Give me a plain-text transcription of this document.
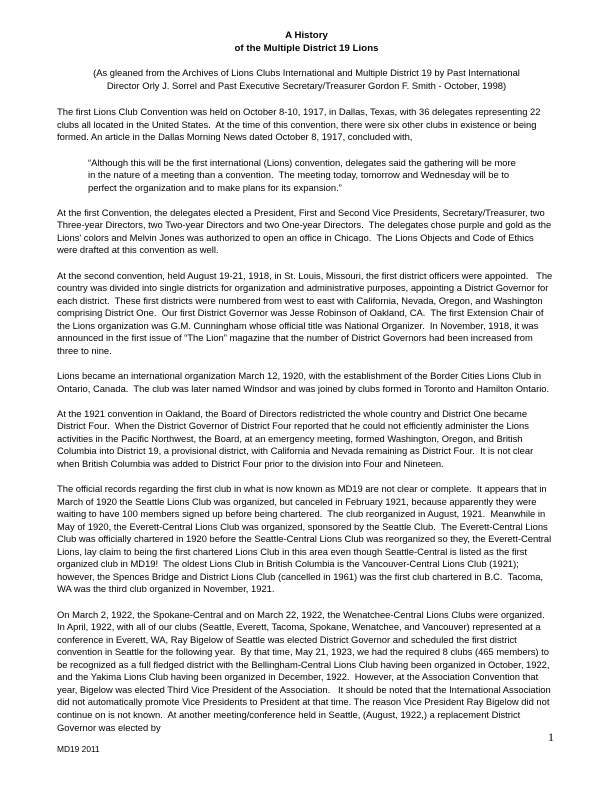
A History
of the Multiple District 19 Lions
(As gleaned from the Archives of Lions Clubs International and Multiple District 19 by Past International
Director Orly J. Sorrel and Past Executive Secretary/Treasurer Gordon F. Smith - October, 1998)

The first Lions Club Convention was held on October 8-10, 1917, in Dallas, Texas, with 36 delegates representing 22 clubs all located in the United States.  At the time of this convention, there were six other clubs in existence or being formed. An article in the Dallas Morning News dated October 8, 1917, concluded with,

“Although this will be the first international (Lions) convention, delegates said the gathering will be more in the nature of a meeting than a convention.  The meeting today, tomorrow and Wednesday will be to perfect the organization and to make plans for its expansion.”

At the first Convention, the delegates elected a President, First and Second Vice Presidents, Secretary/Treasurer, two Three-year Directors, two Two-year Directors and two One-year Directors.  The delegates chose purple and gold as the Lions' colors and Melvin Jones was authorized to open an office in Chicago.  The Lions Objects and Code of Ethics were drafted at this convention as well.

At the second convention, held August 19-21, 1918, in St. Louis, Missouri, the first district officers were appointed.   The country was divided into single districts for organization and administrative purposes, appointing a District Governor for each district.  These first districts were numbered from west to east with California, Nevada, Oregon, and Washington comprising District One.  Our first District Governor was Jesse Robinson of Oakland, CA.  The first Extension Chair of the Lions organization was G.M. Cunningham whose official title was National Organizer.  In November, 1918, it was announced in the first issue of “The Lion” magazine that the number of District Governors had been increased from three to nine.

Lions became an international organization March 12, 1920, with the establishment of the Border Cities Lions Club in Ontario, Canada.  The club was later named Windsor and was joined by clubs formed in Toronto and Hamilton Ontario.

At the 1921 convention in Oakland, the Board of Directors redistricted the whole country and District One became District Four.  When the District Governor of District Four reported that he could not efficiently administer the Lions activities in the Pacific Northwest, the Board, at an emergency meeting, formed Washington, Oregon, and British Columbia into District 19, a provisional district, with California and Nevada remaining as District Four.  It is not clear when British Columbia was added to District Four prior to the division into Four and Nineteen.

The official records regarding the first club in what is now known as MD19 are not clear or complete.  It appears that in March of 1920 the Seattle Lions Club was organized, but canceled in February 1921, because apparently they were waiting to have 100 members signed up before being chartered.  The club reorganized in August, 1921.  Meanwhile in May of 1920, the Everett-Central Lions Club was organized, sponsored by the Seattle Club.  The Everett-Central Lions Club was officially chartered in 1920 before the Seattle-Central Lions Club was reorganized so they, the Everett-Central Lions, lay claim to being the first chartered Lions Club in this area even though Seattle-Central is listed as the first organized club in MD19!  The oldest Lions Club in British Columbia is the Vancouver-Central Lions Club (1921); however, the Spences Bridge and District Lions Club (cancelled in 1961) was the first club chartered in B.C.  Tacoma, WA was the third club organized in November, 1921.

On March 2, 1922, the Spokane-Central and on March 22, 1922, the Wenatchee-Central Lions Clubs were organized.  In April, 1922, with all of our clubs (Seattle, Everett, Tacoma, Spokane, Wenatchee, and Vancouver) represented at a conference in Everett, WA, Ray Bigelow of Seattle was elected District Governor and scheduled the first district convention in Seattle for the following year.  By that time, May 21, 1923, we had the required 8 clubs (465 members) to be recognized as a full fledged district with the Bellingham-Central Lions Club having been organized in October, 1922, and the Yakima Lions Club having been organized in December, 1922.  However, at the Association Convention that year, Bigelow was elected Third Vice President of the Association.   It should be noted that the International Association did not automatically promote Vice Presidents to President at that time. The reason Vice President Ray Bigelow did not continue on is not known.  At another meeting/conference held in Seattle, (August, 1922,) a replacement District Governor was elected by

MD19 2011
1
